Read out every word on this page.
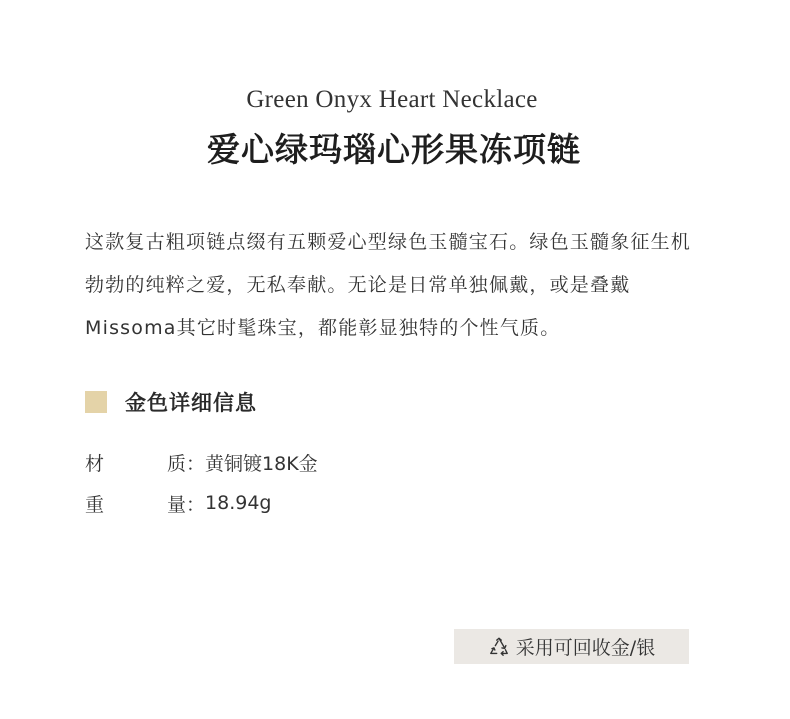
Green Onyx Heart Necklace
爱心绿玛瑙心形果冻项链

这款复古粗项链点缀有五颗爱心型绿色玉髓宝石。绿色玉髓象征生机勃勃的纯粹之爱，无私奉献。无论是日常单独佩戴，或是叠戴Missoma其它时髦珠宝，都能彰显独特的个性气质。

金色详细信息
材	质 ： 黄铜镀18K金
重	量 ： 18.94g
采用可回收金/银
